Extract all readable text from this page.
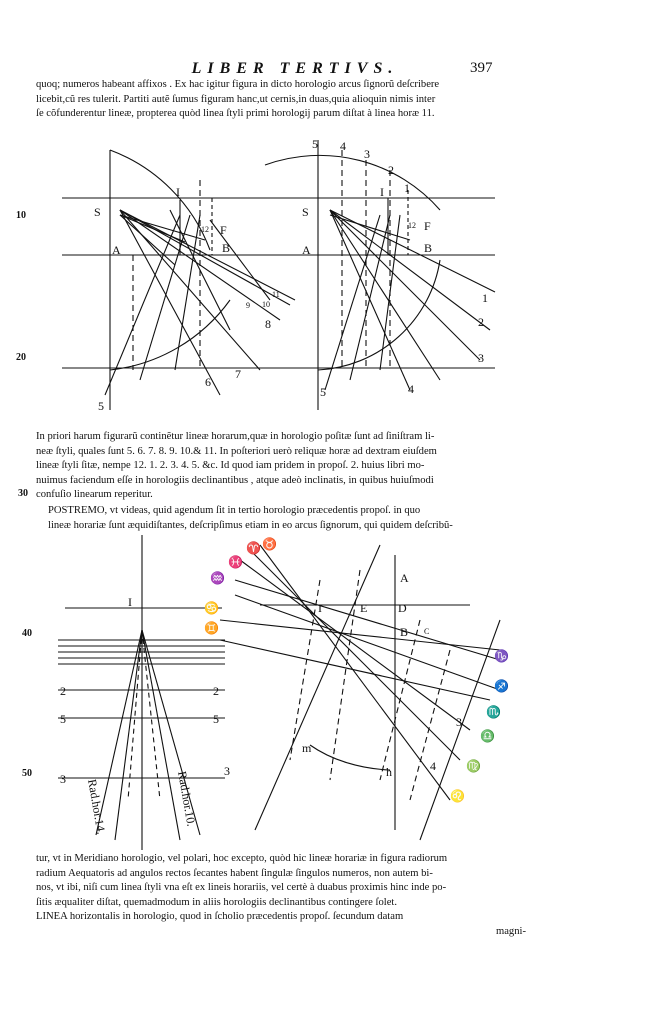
LIBER TERTIVS.	397
quoq; numeros habeant affixos . Ex hac igitur figura in dicto horologio arcus ſignorũ deſcribere
licebit,cũ res tulerit. Partiti autẽ ſumus figuram hanc,ut cernis,in duas,quia alioquin nimis inter
ſe cõfunderentur lineæ, propterea quòd linea ſtyli primi horologij parum diſtat à linea horæ 11.
In priori harum figurarũ continẽtur lineæ horarum,quæ in horologio poſitæ ſunt ad ſiniſtram li-
neæ ſtyli, quales ſunt 5. 6. 7. 8. 9. 10.& 11. In poſteriori uerò reliquæ horæ ad dextram eiuſdem
lineæ ſtyli ſitæ, nempe 12. 1. 2. 3. 4. 5. &c. Id quod iam pridem in propoſ. 2. huius libri mo-
nuimus faciendum eſſe in horologiis declinantibus , atque adeò inclinatis, in quibus huiuſmodi
confuſio linearum reperitur.
POSTREMO, vt videas, quid agendum ſit in tertio horologio præcedentis propoſ. in quo
lineæ horariæ ſunt æquidiſtantes, deſcripſimus etiam in eo arcus ſignorum, qui quidem deſcribũ-
tur, vt in Meridiano horologio, vel polari, hoc excepto, quòd hic lineæ horariæ in figura radiorum
radium Aequatoris ad angulos rectos ſecantes habent ſingulæ ſingulos numeros, non autem bi-
nos, vt ibi, niſi cum linea ſtyli vna eſt ex lineis horariis, vel certè à duabus proximis hinc inde po-
ſitis æqualiter diſtat, quemadmodum in aliis horologiis declinantibus contingere ſolet.
LINEA horizontalis in horologio, quod in ſcholio præcedentis propoſ. ſecundum datam
magni-
10
20
30
40
50
S
I
A	B
F
12
11
10
9
8
7
6
5
S
I
A	B
F
12
1
2
3
4
5
5 4
3
2
1
I
2
5
3
2
5
3
Rad.hor.14.	Rad.hor.10.
A
D
E
B C
I
m
h
3
4
♒
♓
♈ ♉
♊
♋
♑
♐
♏
♎
♍
♌
